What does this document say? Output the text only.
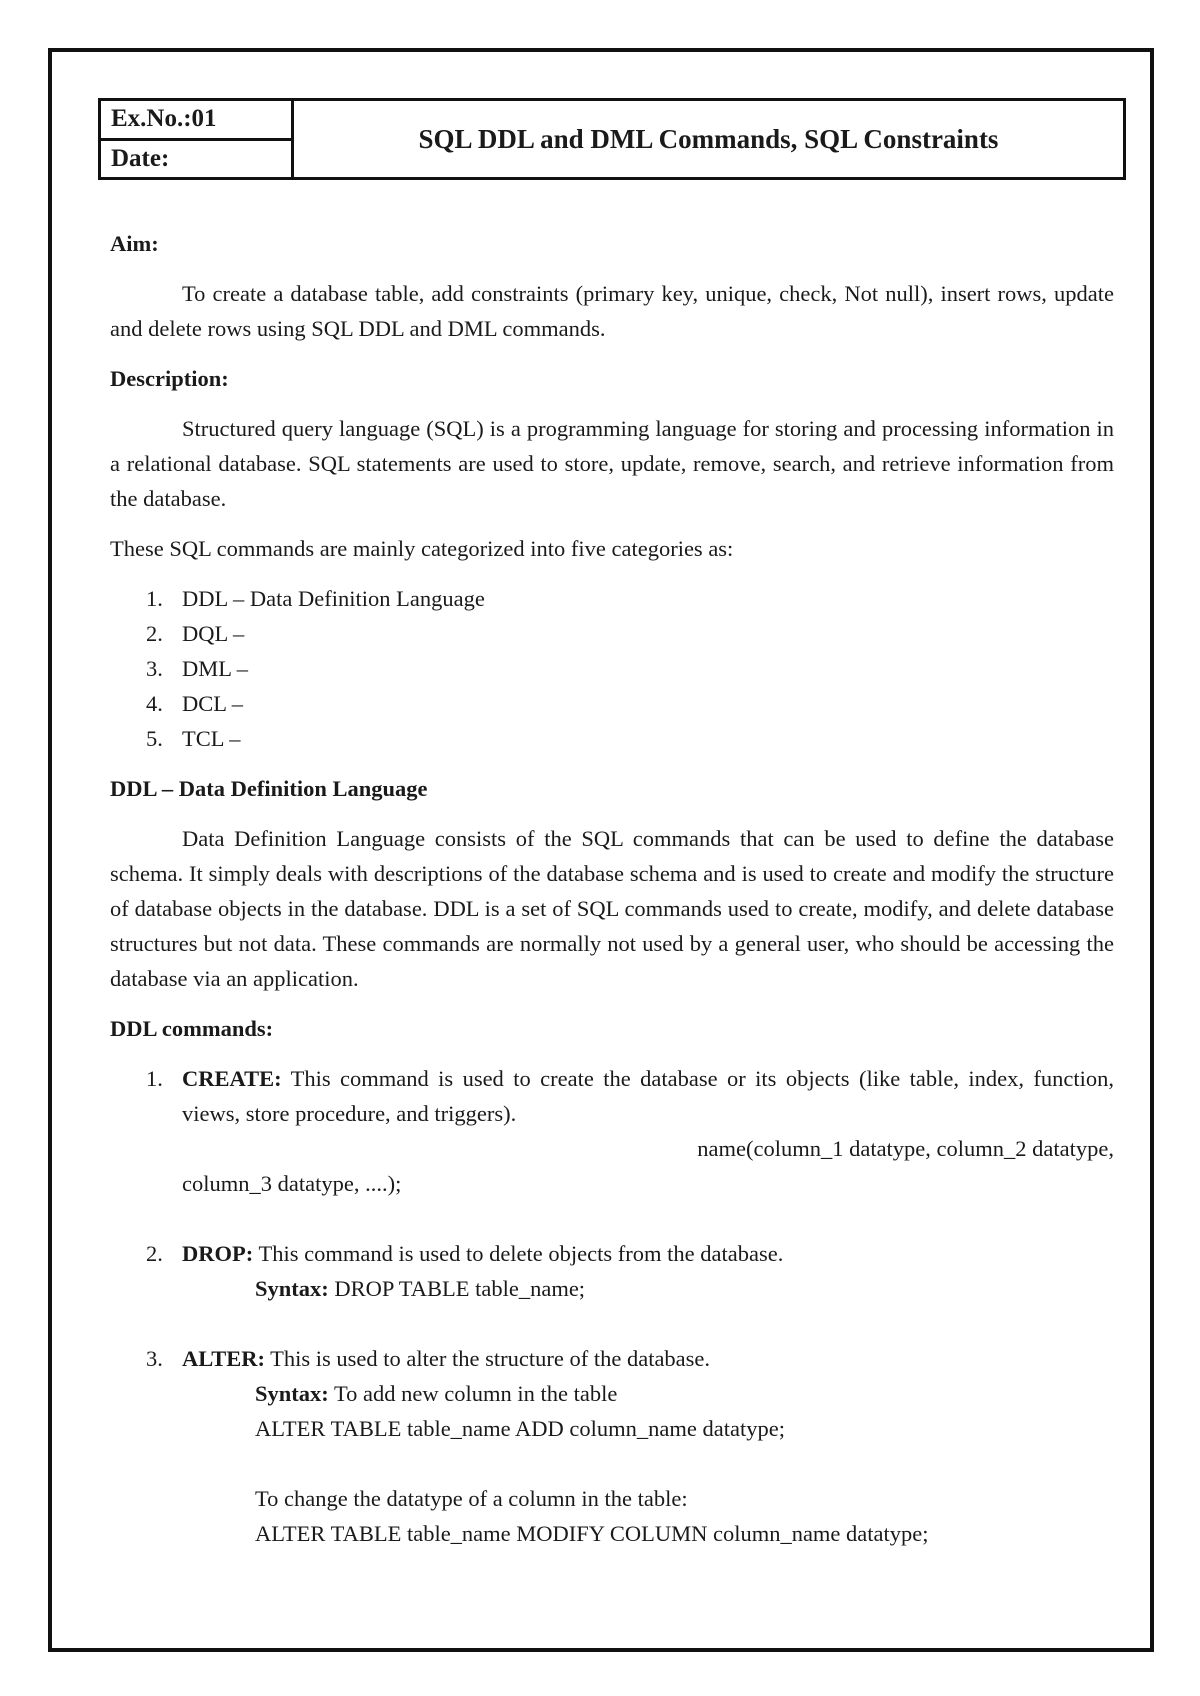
Ex.No.:01
Date:
SQL DDL and DML Commands, SQL Constraints

Aim:

To create a database table, add constraints (primary key, unique, check, Not null), insert rows, update and delete rows using SQL DDL and DML commands.

Description:

Structured query language (SQL) is a programming language for storing and processing information in a relational database. SQL statements are used to store, update, remove, search, and retrieve information from the database.

These SQL commands are mainly categorized into five categories as:

1. DDL – Data Definition Language
2. DQL –
3. DML –
4. DCL –
5. TCL –

DDL – Data Definition Language

Data Definition Language consists of the SQL commands that can be used to define the database schema. It simply deals with descriptions of the database schema and is used to create and modify the structure of database objects in the database. DDL is a set of SQL commands used to create, modify, and delete database structures but not data. These commands are normally not used by a general user, who should be accessing the database via an application.

DDL commands:

1. CREATE: This command is used to create the database or its objects (like table, index, function, views, store procedure, and triggers).

name(column_1 datatype, column_2 datatype,

column_3 datatype, ....);

2. DROP: This command is used to delete objects from the database.

Syntax: DROP TABLE table_name;

3. ALTER: This is used to alter the structure of the database.

Syntax: To add new column in the table

ALTER TABLE table_name ADD column_name datatype;

To change the datatype of a column in the table:

ALTER TABLE table_name MODIFY COLUMN column_name datatype;
